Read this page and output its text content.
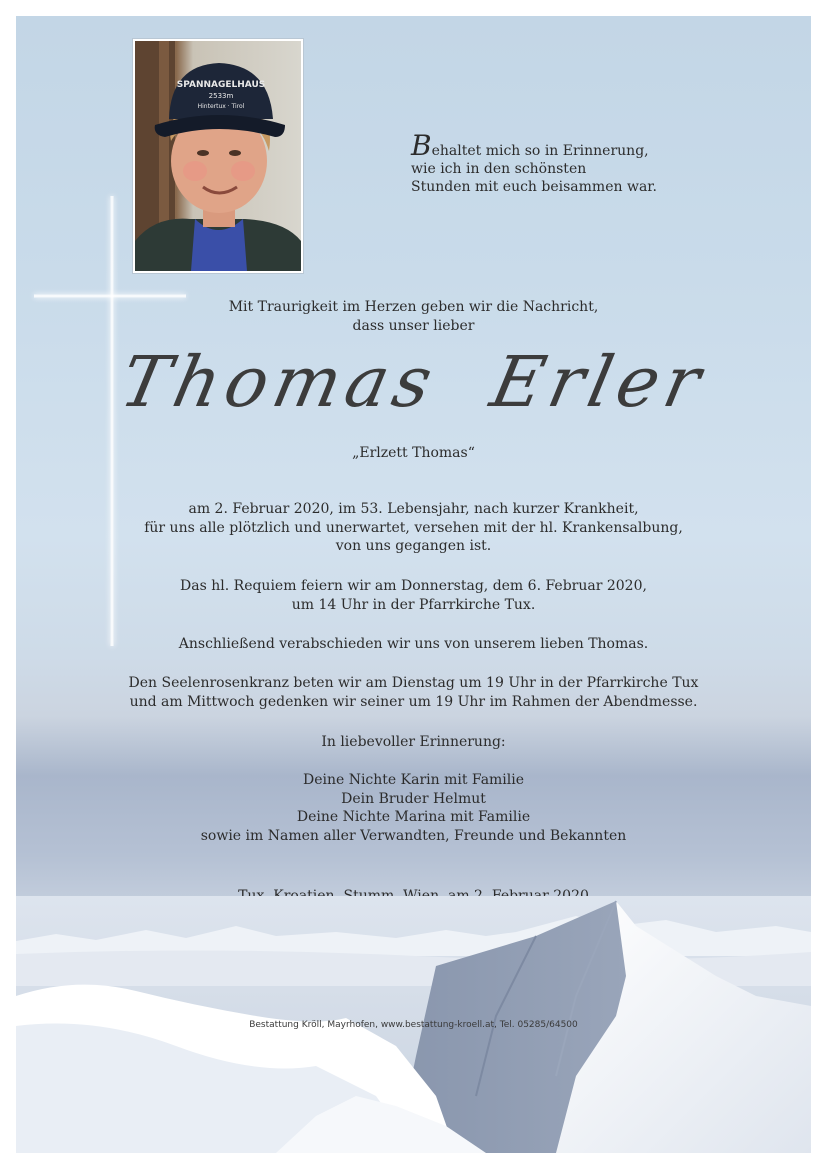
SPANNAGELHAUS
2533m
Hintertux · Tirol
Behaltet mich so in Erinnerung,
wie ich in den schönsten
Stunden mit euch beisammen war.
Mit Traurigkeit im Herzen geben wir die Nachricht,
dass unser lieber
Thomas  Erler
„Erlzett Thomas“
am 2. Februar 2020, im 53. Lebensjahr, nach kurzer Krankheit,
für uns alle plötzlich und unerwartet, versehen mit der hl. Krankensalbung,
von uns gegangen ist.
Das hl. Requiem feiern wir am Donnerstag, dem 6. Februar 2020,
um 14 Uhr in der Pfarrkirche Tux.
Anschließend verabschieden wir uns von unserem lieben Thomas.
Den Seelenrosenkranz beten wir am Dienstag um 19 Uhr in der Pfarrkirche Tux
und am Mittwoch gedenken wir seiner um 19 Uhr im Rahmen der Abendmesse.
In liebevoller Erinnerung:
Deine Nichte Karin mit Familie
Dein Bruder Helmut
Deine Nichte Marina mit Familie
sowie im Namen aller Verwandten, Freunde und Bekannten
Bestattung Kröll, Mayrhofen, www.bestattung-kroell.at, Tel. 05285/64500
